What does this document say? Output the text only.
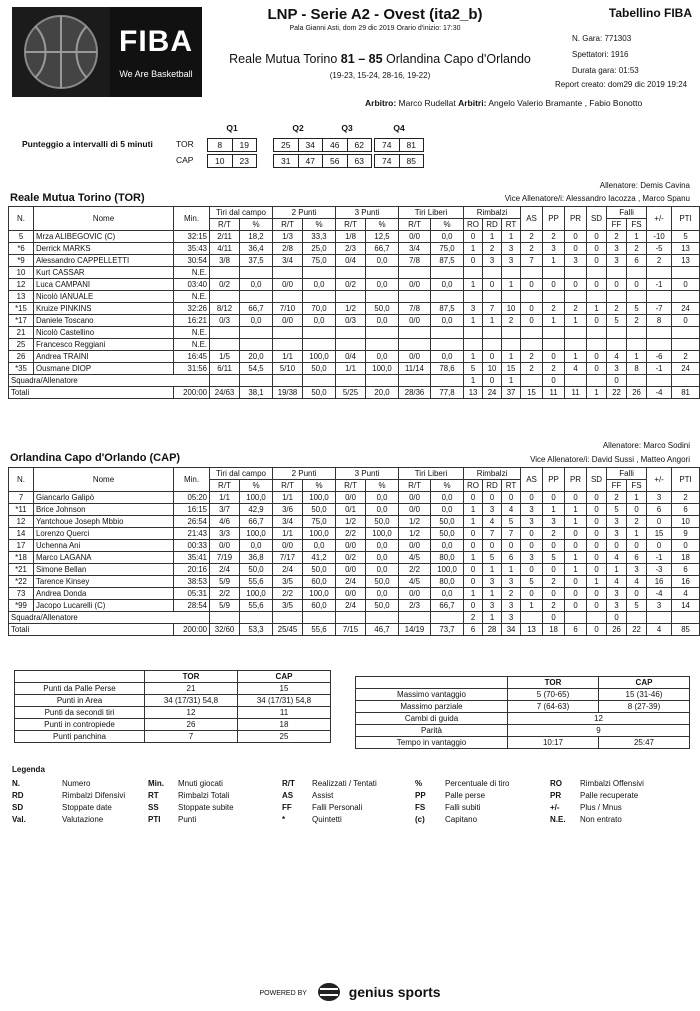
FIBA
We Are Basketball
LNP - Serie A2 - Ovest (ita2_b)
Pala Gianni Asti, dom 29 dic 2019 Orario d'inizio: 17:30
Tabellino FIBA
N. Gara: 771303
Spettatori: 1916
Durata gara: 01:53
Report creato: dom29 dic 2019 19:24
Reale Mutua Torino 81 – 85 Orlandina Capo d'Orlando
(19-23, 15-24, 28-16, 19-22)
Arbitro: Marco Rudellat Arbitri: Angelo Valerio Bramante , Fabio Bonotto
Punteggio a intervalli di 5 minuti
Q1	Q2	Q3	Q4
TOR	8	19	25	34	46	62	74	81
CAP	10	23	31	47	56	63	74	85
Reale Mutua Torino (TOR)
Allenatore: Demis Cavina
Vice Allenatore/i: Alessandro Iacozza , Marco Spanu
N.	Nome	Min.	Tiri dal campo		2 Punti		3 Punti		Tiri Liberi		Rimbalzi			AS	PP	PR	SD	Falli		+/-	PTI
			R/T	%	R/T	%	R/T	%	R/T	%	RO	RD	RT					FF	FS		
5	Mrza ALIBEGOVIC (C)	32:15	2/11	18,2	1/3	33,3	1/8	12,5	0/0	0,0	0	1	1	2	2	0	0	2	1	-10	5
*6	Derrick MARKS	35:43	4/11	36,4	2/8	25,0	2/3	66,7	3/4	75,0	1	2	3	2	3	0	0	3	2	-5	13
*9	Alessandro CAPPELLETTI	30:54	3/8	37,5	3/4	75,0	0/4	0,0	7/8	87,5	0	3	3	7	1	3	0	3	6	2	13
10	Kurt CASSAR	N.E.																			
12	Luca CAMPANI	03:40	0/2	0,0	0/0	0,0	0/2	0,0	0/0	0,0	1	0	1	0	0	0	0	0	0	-1	0
13	Nicolò IANUALE	N.E.																			
*15	Kruize PINKINS	32:26	8/12	66,7	7/10	70,0	1/2	50,0	7/8	87,5	3	7	10	0	2	2	1	2	5	-7	24
*17	Daniele Toscano	16:21	0/3	0,0	0/0	0,0	0/3	0,0	0/0	0,0	1	1	2	0	1	1	0	5	2	8	0
21	Nicolò Castellino	N.E.																			
25	Francesco Reggiani	N.E.																			
26	Andrea TRAINI	16:45	1/5	20,0	1/1	100,0	0/4	0,0	0/0	0,0	1	0	1	2	0	1	0	4	1	-6	2
*35	Ousmane DIOP	31:56	6/11	54,5	5/10	50,0	1/1	100,0	11/14	78,6	5	10	15	2	2	4	0	3	8	-1	24
Squadra/Allenatore											1	0	1		0			0			
Totali		200:00	24/63	38,1	19/38	50,0	5/25	20,0	28/36	77,8	13	24	37	15	11	11	1	22	26	-4	81
Orlandina Capo d'Orlando (CAP)
Allenatore: Marco Sodini
Vice Allenatore/i: David Sussi , Matteo Angori
N.	Nome	Min.	Tiri dal campo		2 Punti		3 Punti		Tiri Liberi		Rimbalzi			AS	PP	PR	SD	Falli		+/-	PTI
			R/T	%	R/T	%	R/T	%	R/T	%	RO	RD	RT					FF	FS		
7	Giancarlo Galipò	05:20	1/1	100,0	1/1	100,0	0/0	0,0	0/0	0,0	0	0	0	0	0	0	0	2	1	3	2
*11	Brice Johnson	16:15	3/7	42,9	3/6	50,0	0/1	0,0	0/0	0,0	1	3	4	3	1	1	0	5	0	6	6
12	Yantchoue Joseph Mbbio	26:54	4/6	66,7	3/4	75,0	1/2	50,0	1/2	50,0	1	4	5	3	3	1	0	3	2	0	10
14	Lorenzo Querci	21:43	3/3	100,0	1/1	100,0	2/2	100,0	1/2	50,0	0	7	7	0	2	0	0	3	1	15	9
17	Uchenna Ani	00:33	0/0	0,0	0/0	0,0	0/0	0,0	0/0	0,0	0	0	0	0	0	0	0	0	0	0	0
*18	Marco LAGANA	35:41	7/19	36,8	7/17	41,2	0/2	0,0	4/5	80,0	1	5	6	3	5	1	0	4	6	-1	18
*21	Simone Bellan	20:16	2/4	50,0	2/4	50,0	0/0	0,0	2/2	100,0	0	1	1	0	0	1	0	1	3	-3	6
*22	Tarence Kinsey	38:53	5/9	55,6	3/5	60,0	2/4	50,0	4/5	80,0	0	3	3	5	2	0	1	4	4	16	16
73	Andrea Donda	05:31	2/2	100,0	2/2	100,0	0/0	0,0	0/0	0,0	1	1	2	0	0	0	0	3	0	-4	4
*99	Jacopo Lucarelli (C)	28:54	5/9	55,6	3/5	60,0	2/4	50,0	2/3	66,7	0	3	3	1	2	0	0	3	5	3	14
Squadra/Allenatore											2	1	3		0			0			
Totali		200:00	32/60	53,3	25/45	55,6	7/15	46,7	14/19	73,7	6	28	34	13	18	6	0	26	22	4	85
	TOR	CAP
Punti da Palle Perse	21	15
Punti in Area	34 (17/31) 54,8	34 (17/31) 54,8
Punti da secondi tiri	12	11
Punti in contropiede	26	18
Punti panchina	7	25
	TOR	CAP
Massimo vantaggio	5 (70-65)	15 (31-46)
Massimo parziale	7 (64-63)	8 (27-39)
Cambi di guida	12	
Parità	9	
Tempo in vantaggio	10:17	25:47
Legenda
N.	Numero
RD	Rimbalzi Difensivi
SD	Stoppate date
Val.	Valutazione
Min. Mnuti giocati
RT Rimbalzi Totali
SS Stoppate subite
PTI Punti
R/T Realizzati / Tentati
AS Assist
FF	Falli Personali
*	Quintetti
%	Percentuale di tiro
PP Palle perse
FS Falli subiti
(c)	Capitano
RO Rimbalzi Offensivi
PR Palle recuperate
+/-	Plus / Mnus
N.E. Non entrato
POWERED BY	genius sports
